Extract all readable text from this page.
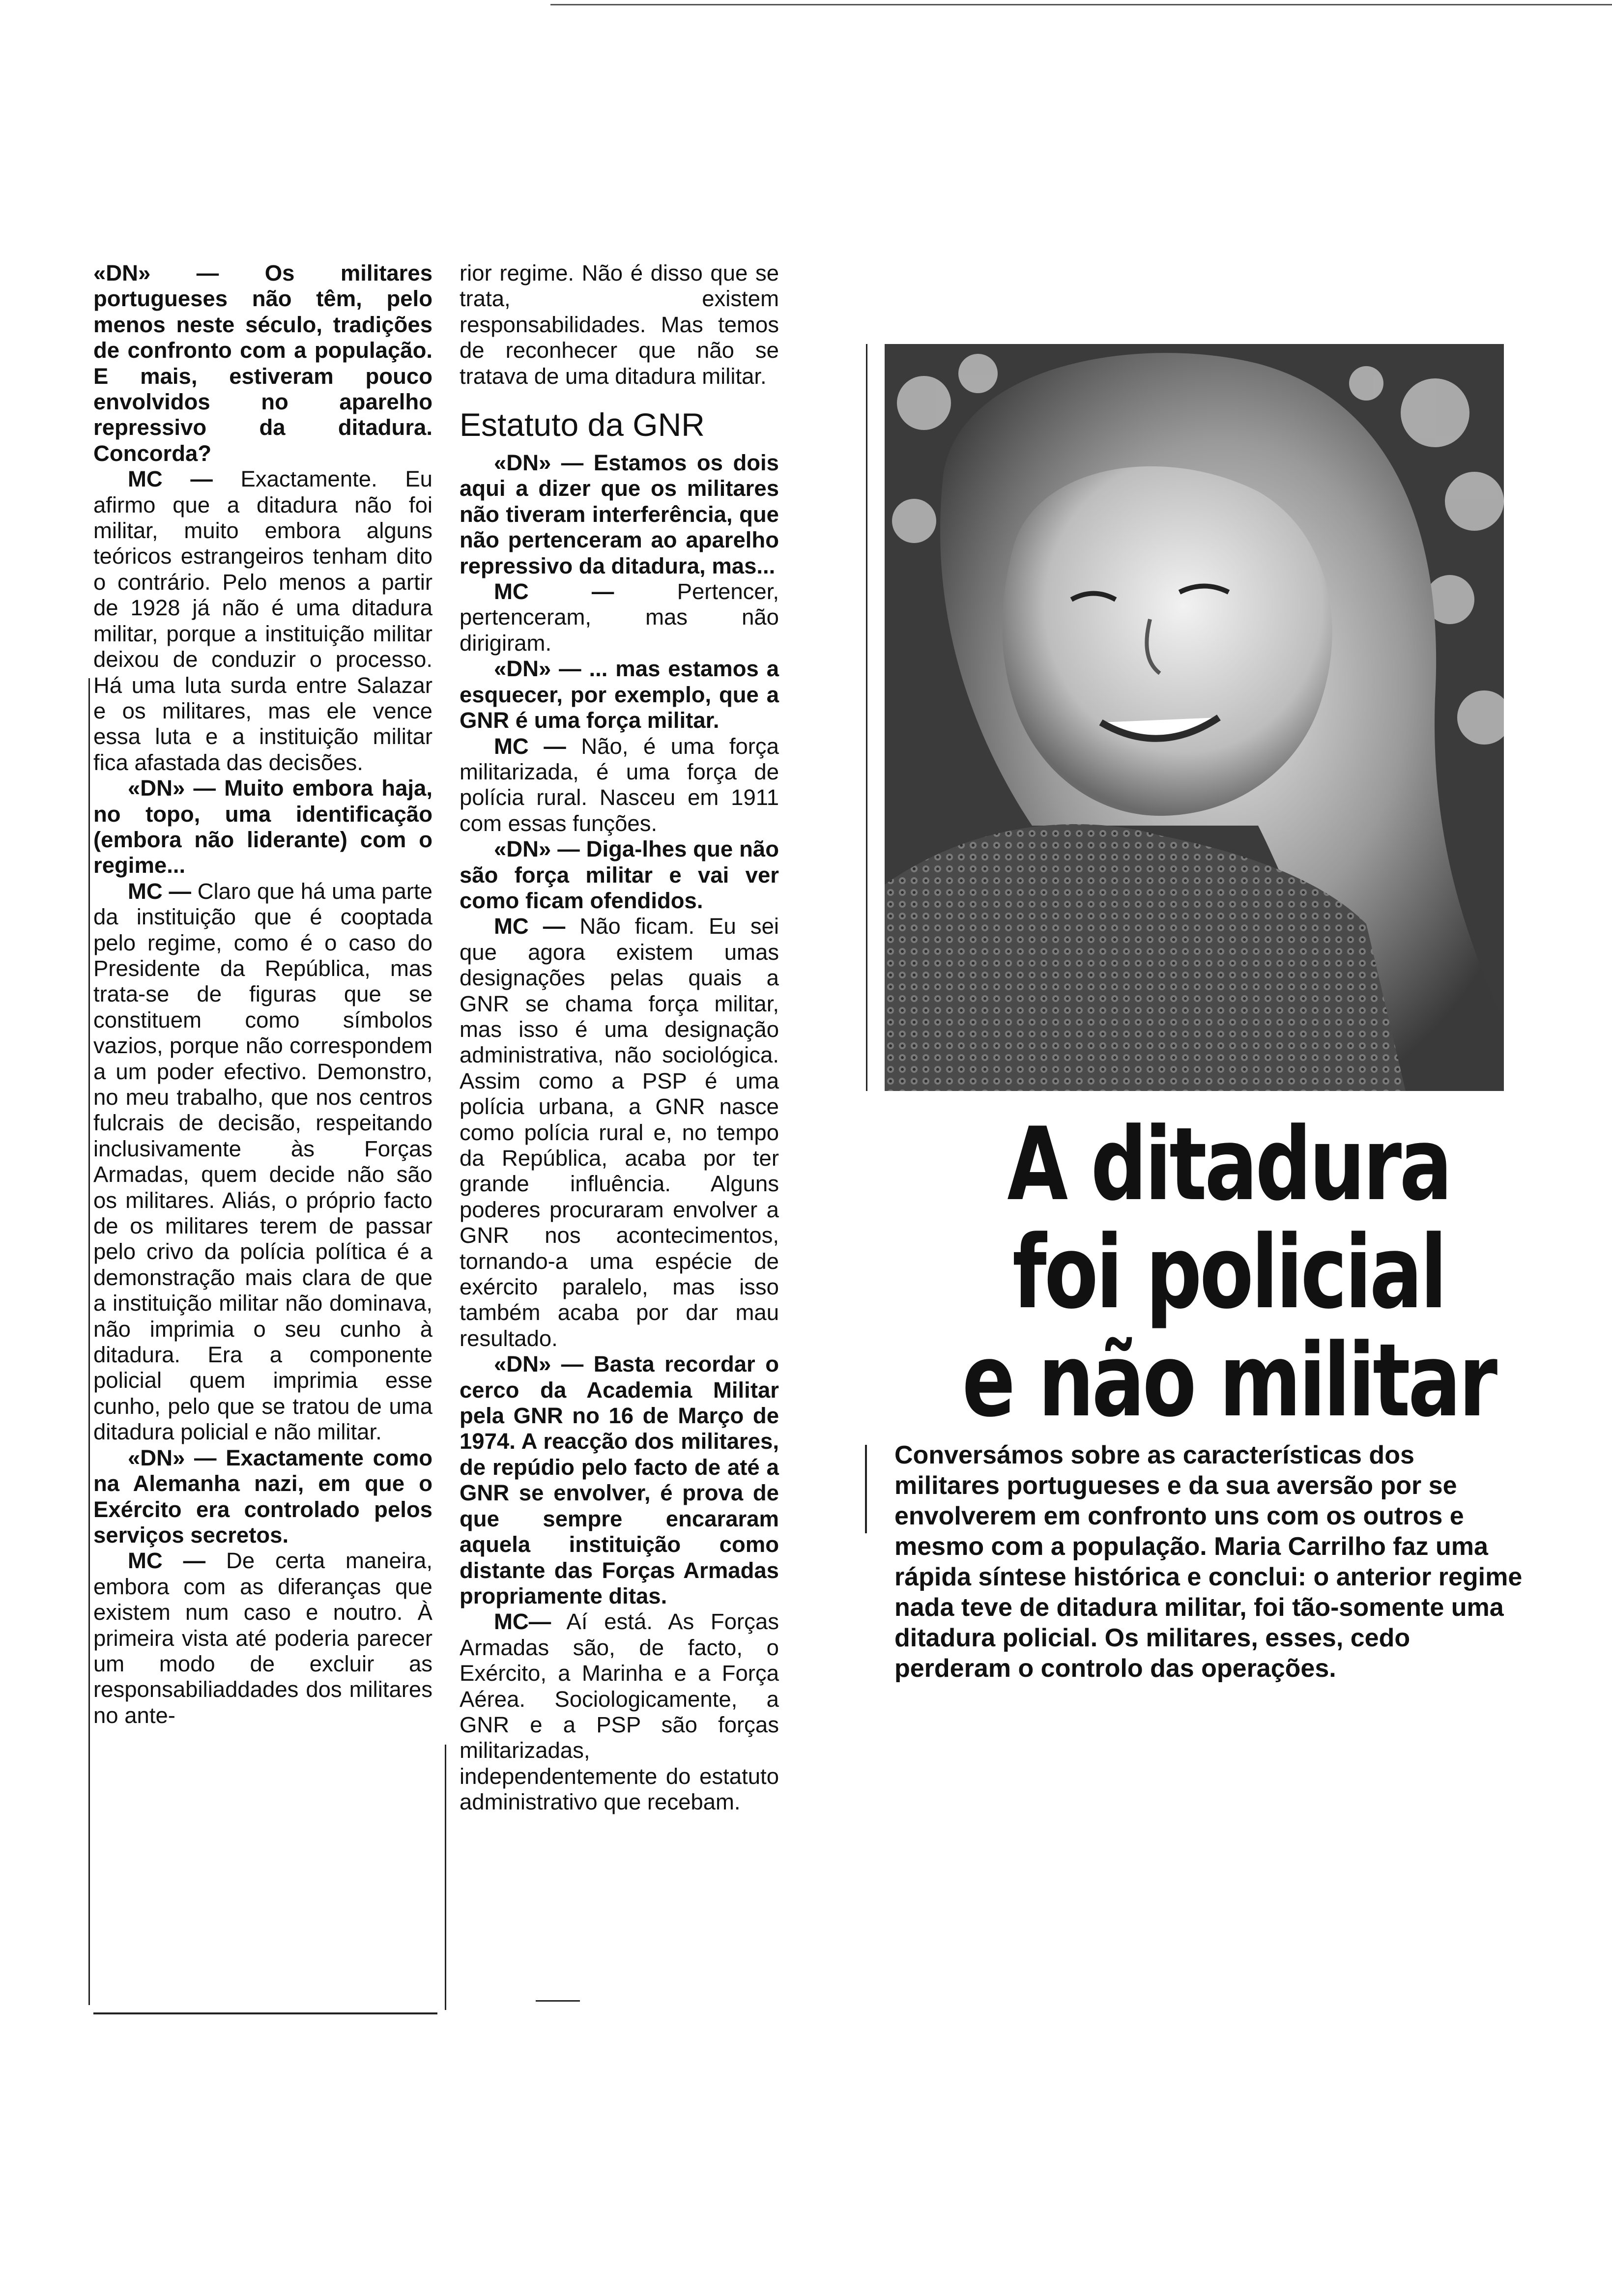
«DN» — Os militares portugueses não têm, pelo menos neste século, tradições de confronto com a população. E mais, estiveram pouco envolvidos no aparelho repressivo da ditadura. Concorda?

MC — Exactamente. Eu afirmo que a ditadura não foi militar, muito embora alguns teóricos estrangeiros tenham dito o contrário. Pelo menos a partir de 1928 já não é uma ditadura militar, porque a instituição militar deixou de conduzir o processo. Há uma luta surda entre Salazar e os militares, mas ele vence essa luta e a instituição militar fica afastada das decisões.

«DN» — Muito embora haja, no topo, uma identificação (embora não liderante) com o regime...

MC — Claro que há uma parte da instituição que é cooptada pelo regime, como é o caso do Presidente da República, mas trata-se de figuras que se constituem como símbolos vazios, porque não correspondem a um poder efectivo. Demonstro, no meu trabalho, que nos centros fulcrais de decisão, respeitando inclusivamente às Forças Armadas, quem decide não são os militares. Aliás, o próprio facto de os militares terem de passar pelo crivo da polícia política é a demonstração mais clara de que a instituição militar não dominava, não imprimia o seu cunho à ditadura. Era a componente policial quem imprimia esse cunho, pelo que se tratou de uma ditadura policial e não militar.

«DN» — Exactamente como na Alemanha nazi, em que o Exército era controlado pelos serviços secretos.

MC — De certa maneira, embora com as diferanças que existem num caso e noutro. À primeira vista até poderia parecer um modo de excluir as responsabiliaddades dos militares no ante-

rior regime. Não é disso que se trata, existem responsabilidades. Mas temos de reconhecer que não se tratava de uma ditadura militar.

Estatuto da GNR

«DN» — Estamos os dois aqui a dizer que os militares não tiveram interferência, que não pertenceram ao aparelho repressivo da ditadura, mas...

MC —	Pertencer, pertenceram, mas não dirigiram.

«DN» — ... mas estamos a esquecer, por exemplo, que a GNR é uma força militar.

MC — Não, é uma força militarizada, é uma força de polícia rural. Nasceu em 1911 com essas funções.

«DN» — Diga-lhes que não são força militar e vai ver como ficam ofendidos.

MC — Não ficam. Eu sei que agora existem umas designações pelas quais a GNR se chama força militar, mas isso é uma designação administrativa, não sociológica. Assim como a PSP é uma polícia urbana, a GNR nasce como polícia rural e, no tempo da República, acaba por ter grande influência. Alguns poderes procuraram envolver a GNR nos acontecimentos, tornando-a uma espécie de exército paralelo, mas isso também acaba por dar mau resultado.

«DN» — Basta recordar o cerco da Academia Militar pela GNR no 16 de Março de 1974. A reacção dos militares, de repúdio pelo facto de até a GNR se envolver, é prova de que sempre encararam aquela instituição como distante das Forças Armadas propriamente ditas.

MC— Aí está. As Forças Armadas são, de facto, o Exército, a Marinha e a Força Aérea. Sociologicamente, a GNR e a PSP são forças militarizadas, independentemente do estatuto administrativo que recebam.

A ditadura
foi policial
e não militar
Conversámos sobre as características dos militares portugueses e da sua aversão por se envolverem em confronto uns com os outros e mesmo com a população. Maria Carrilho faz uma rápida síntese histórica e conclui: o anterior regime nada teve de ditadura militar, foi tão-somente uma ditadura policial. Os militares, esses, cedo perderam o controlo das operações.
